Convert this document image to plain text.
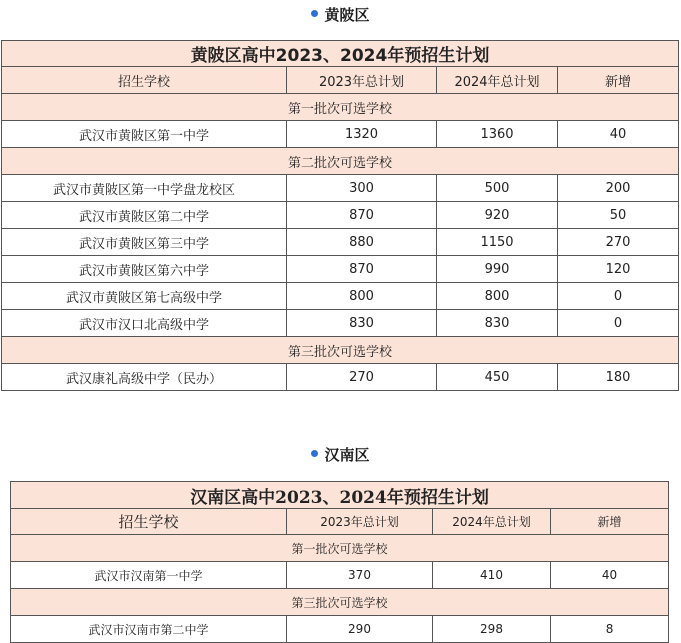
黄陂区
黄陂区高中2023、2024年预招生计划			
招生学校	2023年总计划	2024年总计划	新增
第一批次可选学校			
武汉市黄陂区第一中学	1320	1360	40
第二批次可选学校			
武汉市黄陂区第一中学盘龙校区	300	500	200
武汉市黄陂区第二中学	870	920	50
武汉市黄陂区第三中学	880	1150	270
武汉市黄陂区第六中学	870	990	120
武汉市黄陂区第七高级中学	800	800	0
武汉市汉口北高级中学	830	830	0
第三批次可选学校			
武汉康礼高级中学（民办）	270	450	180
汉南区
汉南区高中2023、2024年预招生计划			
招生学校	2023年总计划	2024年总计划	新增
第一批次可选学校			
武汉市汉南第一中学	370	410	40
第三批次可选学校			
武汉市汉南市第二中学	290	298	8
